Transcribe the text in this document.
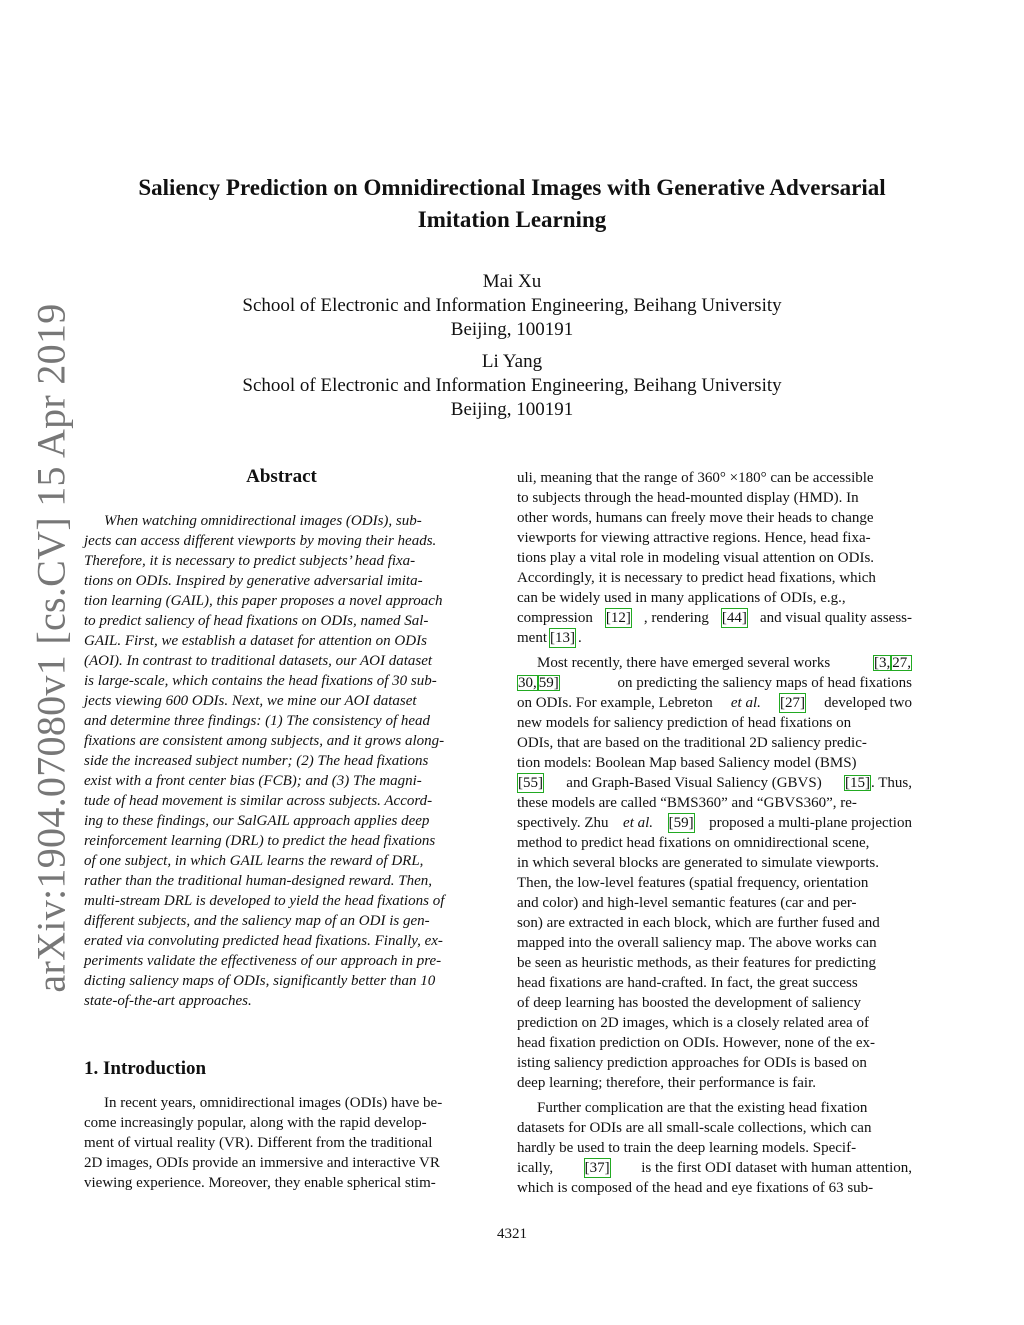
Saliency Prediction on Omnidirectional Images with Generative Adversarial
Imitation Learning
Mai Xu
School of Electronic and Information Engineering, Beihang University
Beijing, 100191
Li Yang
School of Electronic and Information Engineering, Beihang University
Beijing, 100191
arXiv:1904.07080v1 [cs.CV] 15 Apr 2019	Abstract
When watching omnidirectional images (ODIs), sub-
jects can access different viewports by moving their heads.
Therefore, it is necessary to predict subjects’ head fixa-
tions on ODIs. Inspired by generative adversarial imita-
tion learning (GAIL), this paper proposes a novel approach
to predict saliency of head fixations on ODIs, named Sal-
GAIL. First, we establish a dataset for attention on ODIs
(AOI). In contrast to traditional datasets, our AOI dataset
is large-scale, which contains the head fixations of 30 sub-
jects viewing 600 ODIs. Next, we mine our AOI dataset
and determine three findings: (1) The consistency of head
fixations are consistent among subjects, and it grows along-
side the increased subject number; (2) The head fixations
exist with a front center bias (FCB); and (3) The magni-
tude of head movement is similar across subjects. Accord-
ing to these findings, our SalGAIL approach applies deep
reinforcement learning (DRL) to predict the head fixations
of one subject, in which GAIL learns the reward of DRL,
rather than the traditional human-designed reward. Then,
multi-stream DRL is developed to yield the head fixations of
different subjects, and the saliency map of an ODI is gen-
erated via convoluting predicted head fixations. Finally, ex-
periments validate the effectiveness of our approach in pre-
dicting saliency maps of ODIs, significantly better than 10
state-of-the-art approaches.
1. Introduction
In recent years, omnidirectional images (ODIs) have be-
come increasingly popular, along with the rapid develop-
ment of virtual reality (VR). Different from the traditional
2D images, ODIs provide an immersive and interactive VR
viewing experience. Moreover, they enable spherical stim-
uli, meaning that the range of 360° ×180° can be accessible
to subjects through the head-mounted display (HMD). In
other words, humans can freely move their heads to change
viewports for viewing attractive regions. Hence, head fixa-
tions play a vital role in modeling visual attention on ODIs.
Accordingly, it is necessary to predict head fixations, which
can be widely used in many applications of ODIs, e.g.,
compression [12] , rendering [44] and visual quality assess-
ment [13] .
Most recently, there have emerged several works	[3, 27,
30, 59]	on predicting the saliency maps of head fixations
on ODIs. For example, Lebreton et al. [27] developed two
new models for saliency prediction of head fixations on
ODIs, that are based on the traditional 2D saliency predic-
tion models: Boolean Map based Saliency model (BMS)
[55] and Graph-Based Visual Saliency (GBVS) [15]. Thus,
these models are called “BMS360” and “GBVS360”, re-
spectively. Zhu et al. [59] proposed a multi-plane projection
method to predict head fixations on omnidirectional scene,
in which several blocks are generated to simulate viewports.
Then, the low-level features (spatial frequency, orientation
and color) and high-level semantic features (car and per-
son) are extracted in each block, which are further fused and
mapped into the overall saliency map. The above works can
be seen as heuristic methods, as their features for predicting
head fixations are hand-crafted. In fact, the great success
of deep learning has boosted the development of saliency
prediction on 2D images, which is a closely related area of
head fixation prediction on ODIs. However, none of the ex-
isting saliency prediction approaches for ODIs is based on
deep learning; therefore, their performance is fair.
Further complication are that the existing head fixation
datasets for ODIs are all small-scale collections, which can
hardly be used to train the deep learning models. Specif-
ically, [37] is the first ODI dataset with human attention,
which is composed of the head and eye fixations of 63 sub-
4321
